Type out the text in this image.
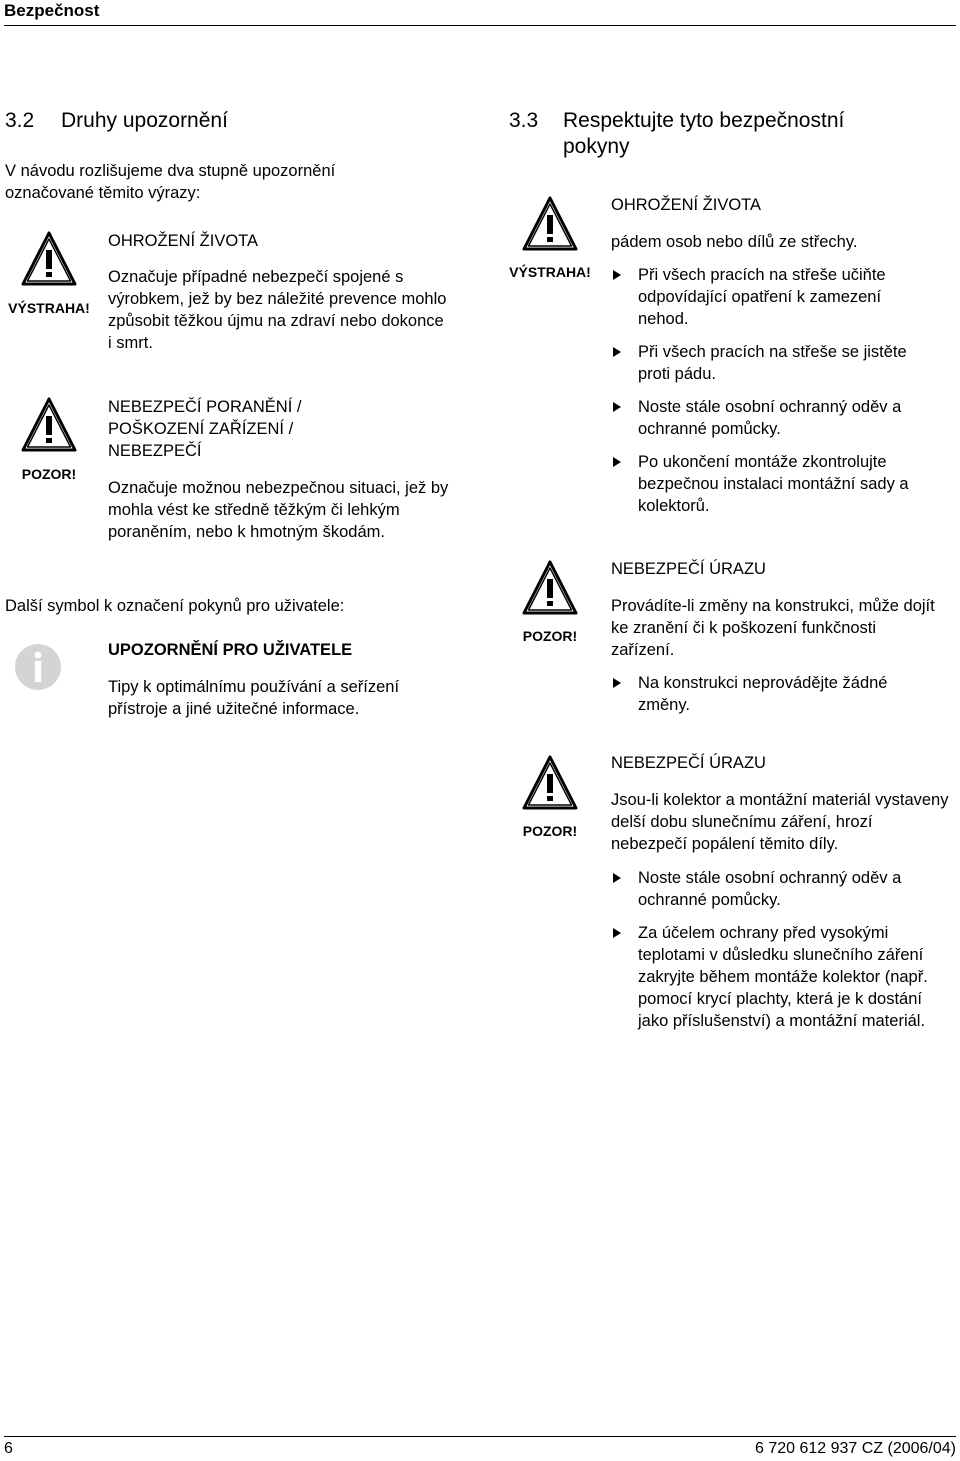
Bezpečnost
3.2 Druhy upozornění
V návodu rozlišujeme dva stupně upozornění označované těmito výrazy:
VÝSTRAHA!
OHROŽENÍ ŽIVOTA
Označuje případné nebezpečí spojené s výrobkem, jež by bez náležité prevence mohlo způsobit těžkou újmu na zdraví nebo dokonce i smrt.
POZOR!
NEBEZPEČÍ PORANĚNÍ /
POŠKOZENÍ ZAŘÍZENÍ /
NEBEZPEČÍ
Označuje možnou nebezpečnou situaci, jež by mohla vést ke středně těžkým či lehkým poraněním, nebo k hmotným škodám.
Další symbol k označení pokynů pro uživatele:
UPOZORNĚNÍ PRO UŽIVATELE
Tipy k optimálnímu používání a seřízení přístroje a jiné užitečné informace.
3.3 Respektujte tyto bezpečnostní
pokyny
VÝSTRAHA!
OHROŽENÍ ŽIVOTA
pádem osob nebo dílů ze střechy.
Při všech pracích na střeše učiňte odpovídající opatření k zamezení nehod.
Při všech pracích na střeše se jistěte proti pádu.
Noste stále osobní ochranný oděv a ochranné pomůcky.
Po ukončení montáže zkontrolujte bezpečnou instalaci montážní sady a kolektorů.
POZOR!
NEBEZPEČÍ ÚRAZU
Provádíte-li změny na konstrukci, může dojít ke zranění či k poškození funkčnosti zařízení.
Na konstrukci neprovádějte žádné změny.
POZOR!
NEBEZPEČÍ ÚRAZU
Jsou-li kolektor a montážní materiál vystaveny delší dobu slunečnímu záření, hrozí nebezpečí popálení těmito díly.
Noste stále osobní ochranný oděv a ochranné pomůcky.
Za účelem ochrany před vysokými teplotami v důsledku slunečního záření zakryjte během montáže kolektor (např. pomocí krycí plachty, která je k dostání jako příslušenství) a montážní materiál.
6	6 720 612 937 CZ (2006/04)
